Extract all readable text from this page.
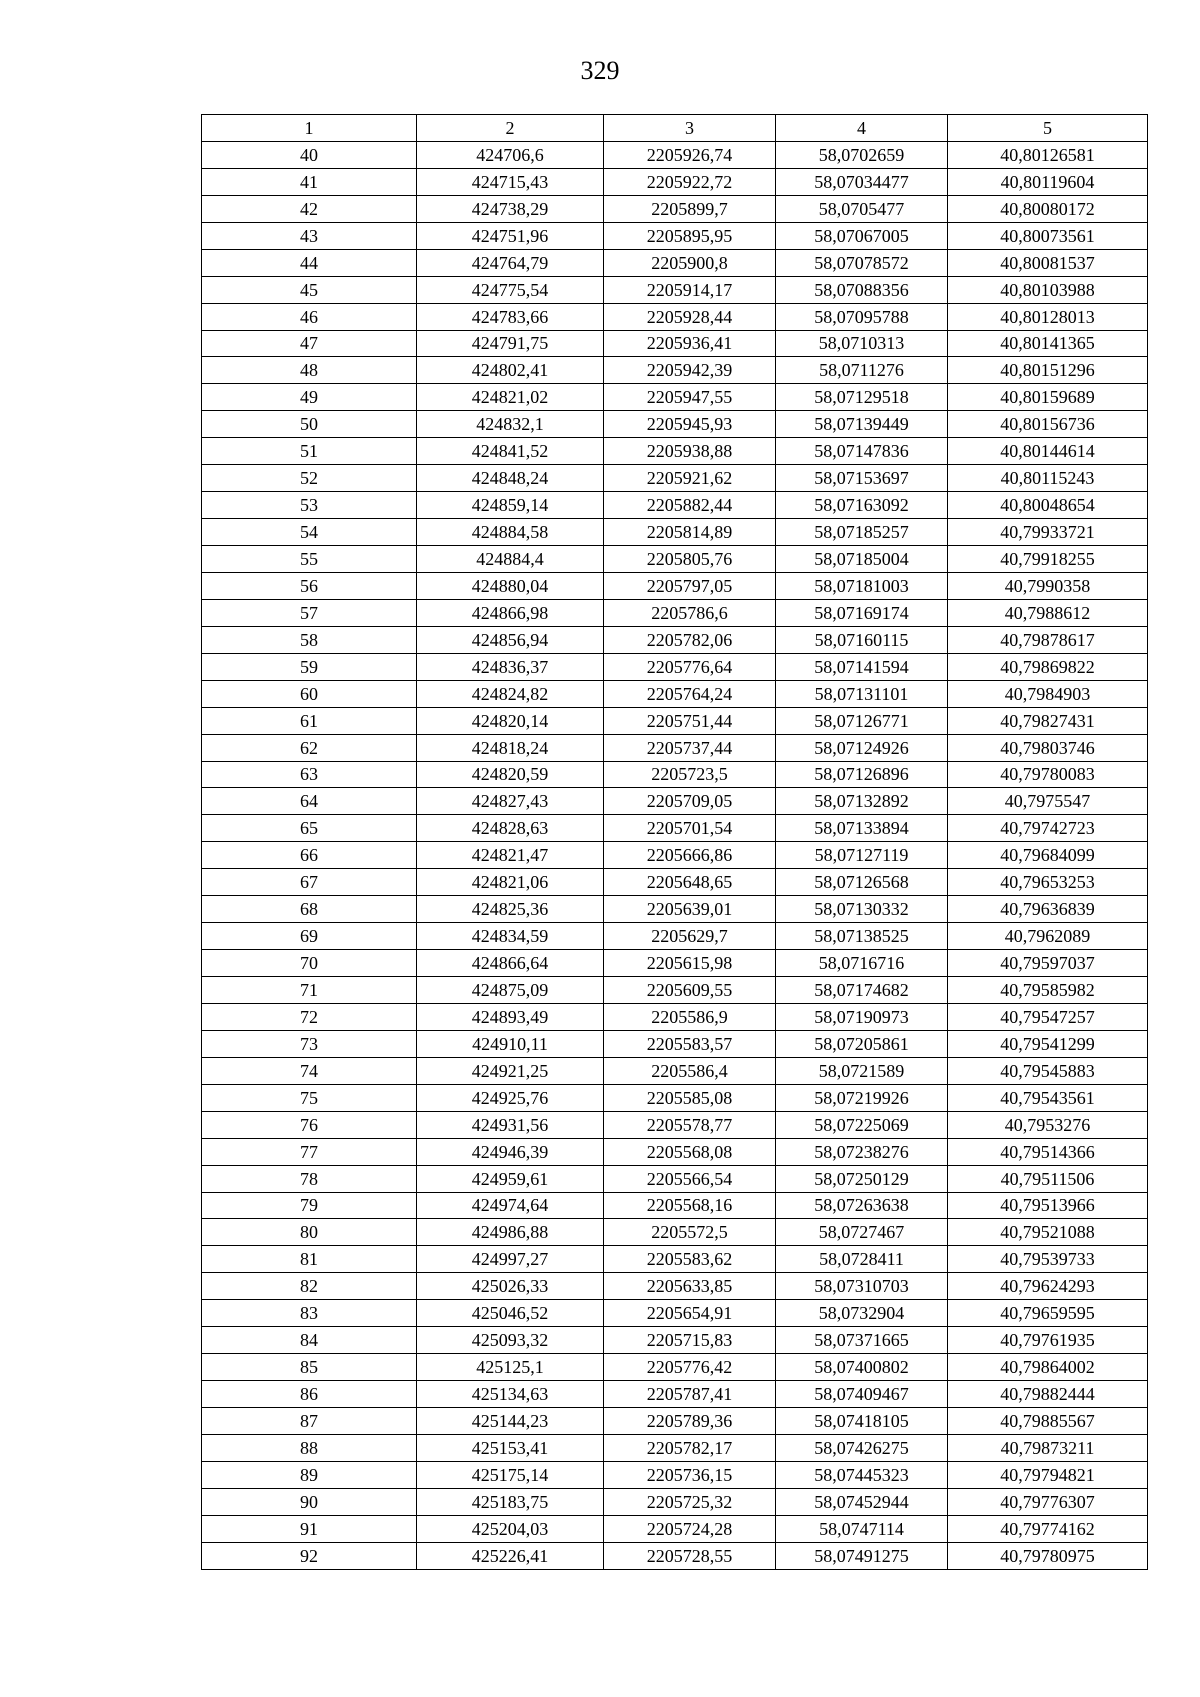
329
1	2	3	4	5
40	424706,6	2205926,74	58,0702659	40,80126581
41	424715,43	2205922,72	58,07034477	40,80119604
42	424738,29	2205899,7	58,0705477	40,80080172
43	424751,96	2205895,95	58,07067005	40,80073561
44	424764,79	2205900,8	58,07078572	40,80081537
45	424775,54	2205914,17	58,07088356	40,80103988
46	424783,66	2205928,44	58,07095788	40,80128013
47	424791,75	2205936,41	58,0710313	40,80141365
48	424802,41	2205942,39	58,0711276	40,80151296
49	424821,02	2205947,55	58,07129518	40,80159689
50	424832,1	2205945,93	58,07139449	40,80156736
51	424841,52	2205938,88	58,07147836	40,80144614
52	424848,24	2205921,62	58,07153697	40,80115243
53	424859,14	2205882,44	58,07163092	40,80048654
54	424884,58	2205814,89	58,07185257	40,79933721
55	424884,4	2205805,76	58,07185004	40,79918255
56	424880,04	2205797,05	58,07181003	40,7990358
57	424866,98	2205786,6	58,07169174	40,7988612
58	424856,94	2205782,06	58,07160115	40,79878617
59	424836,37	2205776,64	58,07141594	40,79869822
60	424824,82	2205764,24	58,07131101	40,7984903
61	424820,14	2205751,44	58,07126771	40,79827431
62	424818,24	2205737,44	58,07124926	40,79803746
63	424820,59	2205723,5	58,07126896	40,79780083
64	424827,43	2205709,05	58,07132892	40,7975547
65	424828,63	2205701,54	58,07133894	40,79742723
66	424821,47	2205666,86	58,07127119	40,79684099
67	424821,06	2205648,65	58,07126568	40,79653253
68	424825,36	2205639,01	58,07130332	40,79636839
69	424834,59	2205629,7	58,07138525	40,7962089
70	424866,64	2205615,98	58,0716716	40,79597037
71	424875,09	2205609,55	58,07174682	40,79585982
72	424893,49	2205586,9	58,07190973	40,79547257
73	424910,11	2205583,57	58,07205861	40,79541299
74	424921,25	2205586,4	58,0721589	40,79545883
75	424925,76	2205585,08	58,07219926	40,79543561
76	424931,56	2205578,77	58,07225069	40,7953276
77	424946,39	2205568,08	58,07238276	40,79514366
78	424959,61	2205566,54	58,07250129	40,79511506
79	424974,64	2205568,16	58,07263638	40,79513966
80	424986,88	2205572,5	58,0727467	40,79521088
81	424997,27	2205583,62	58,0728411	40,79539733
82	425026,33	2205633,85	58,07310703	40,79624293
83	425046,52	2205654,91	58,0732904	40,79659595
84	425093,32	2205715,83	58,07371665	40,79761935
85	425125,1	2205776,42	58,07400802	40,79864002
86	425134,63	2205787,41	58,07409467	40,79882444
87	425144,23	2205789,36	58,07418105	40,79885567
88	425153,41	2205782,17	58,07426275	40,79873211
89	425175,14	2205736,15	58,07445323	40,79794821
90	425183,75	2205725,32	58,07452944	40,79776307
91	425204,03	2205724,28	58,0747114	40,79774162
92	425226,41	2205728,55	58,07491275	40,79780975
